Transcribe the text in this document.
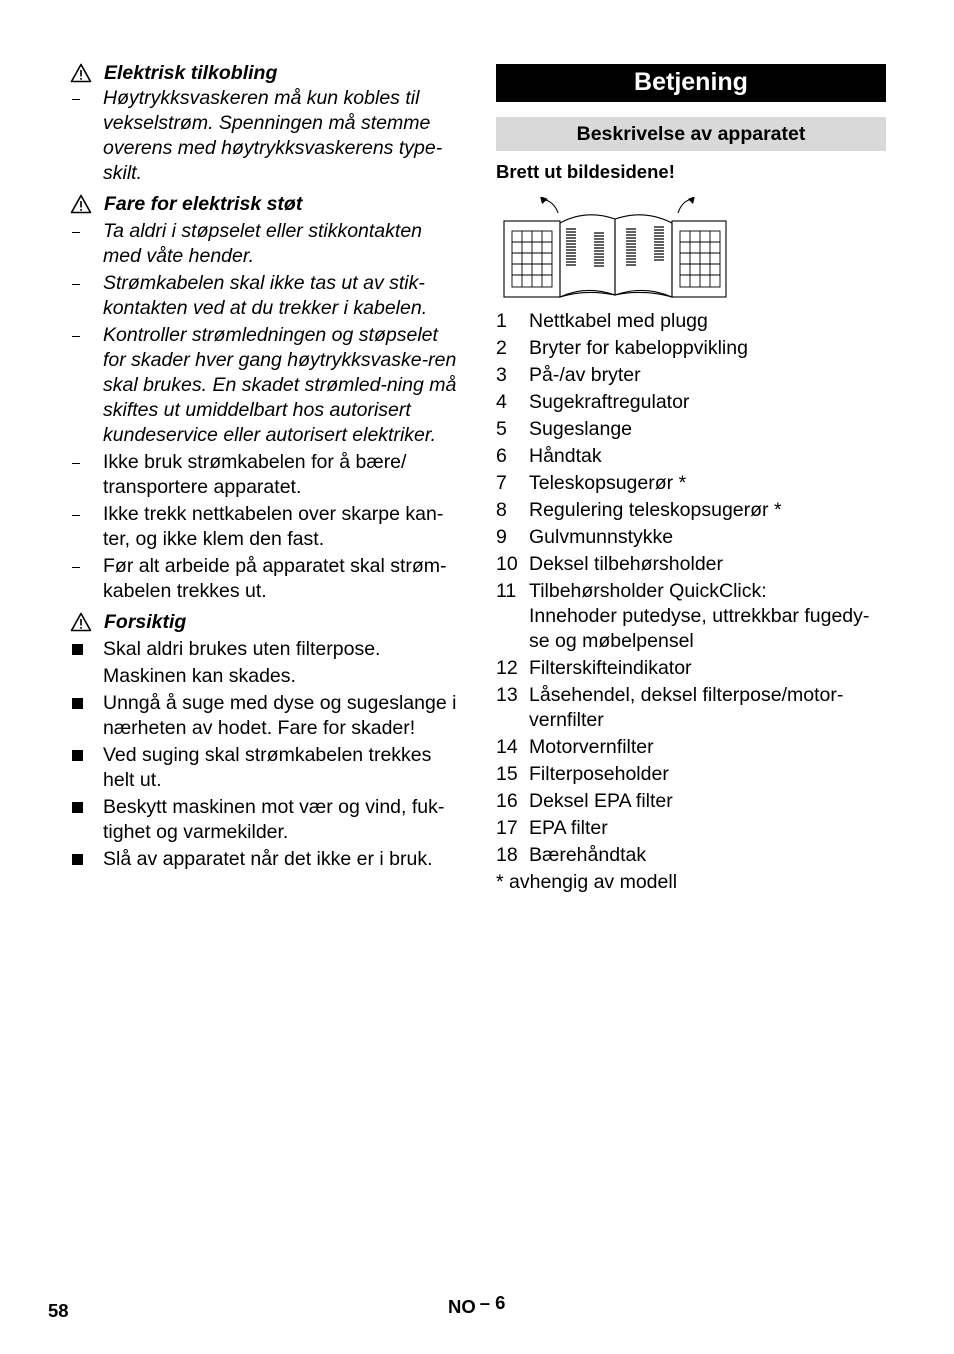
Elektrisk tilkobling
Høytrykksvaskeren må kun kobles til vekselstrøm. Spenningen må stemme overens med høytrykksvaskerens type-skilt.
Fare for elektrisk støt
Ta aldri i støpselet eller stikkontakten med våte hender.
Strømkabelen skal ikke tas ut av stik-kontakten ved at du trekker i kabelen.
Kontroller strømledningen og støpselet for skader hver gang høytrykksvaske-ren skal brukes. En skadet strømled-ning må skiftes ut umiddelbart hos autorisert kundeservice eller autorisert elektriker.
Ikke bruk strømkabelen for å bære/ transportere apparatet.
Ikke trekk nettkabelen over skarpe kan-ter, og ikke klem den fast.
Før alt arbeide på apparatet skal strøm-kabelen trekkes ut.
Forsiktig
Skal aldri brukes uten filterpose.
Maskinen kan skades.
Unngå å suge med dyse og sugeslange i nærheten av hodet. Fare for skader!
Ved suging skal strømkabelen trekkes helt ut.
Beskytt maskinen mot vær og vind, fuk-tighet og varmekilder.
Slå av apparatet når det ikke er i bruk.
Betjening
Beskrivelse av apparatet
Brett ut bildesidene!
1	Nettkabel med plugg
2	Bryter for kabeloppvikling
3	På-/av bryter
4	Sugekraftregulator
5	Sugeslange
6	Håndtak
7	Teleskopsugerør *
8	Regulering teleskopsugerør *
9	Gulvmunnstykke
10 Deksel tilbehørsholder
11 Tilbehørsholder QuickClick:
Innehoder putedyse, uttrekkbar fugedy-se og møbelpensel
12 Filterskifteindikator
13 Låsehendel, deksel filterpose/motor-vernfilter
14 Motorvernfilter
15 Filterposeholder
16 Deksel EPA filter
17 EPA filter
18 Bærehåndtak
* avhengig av modell
58	NO – 6
